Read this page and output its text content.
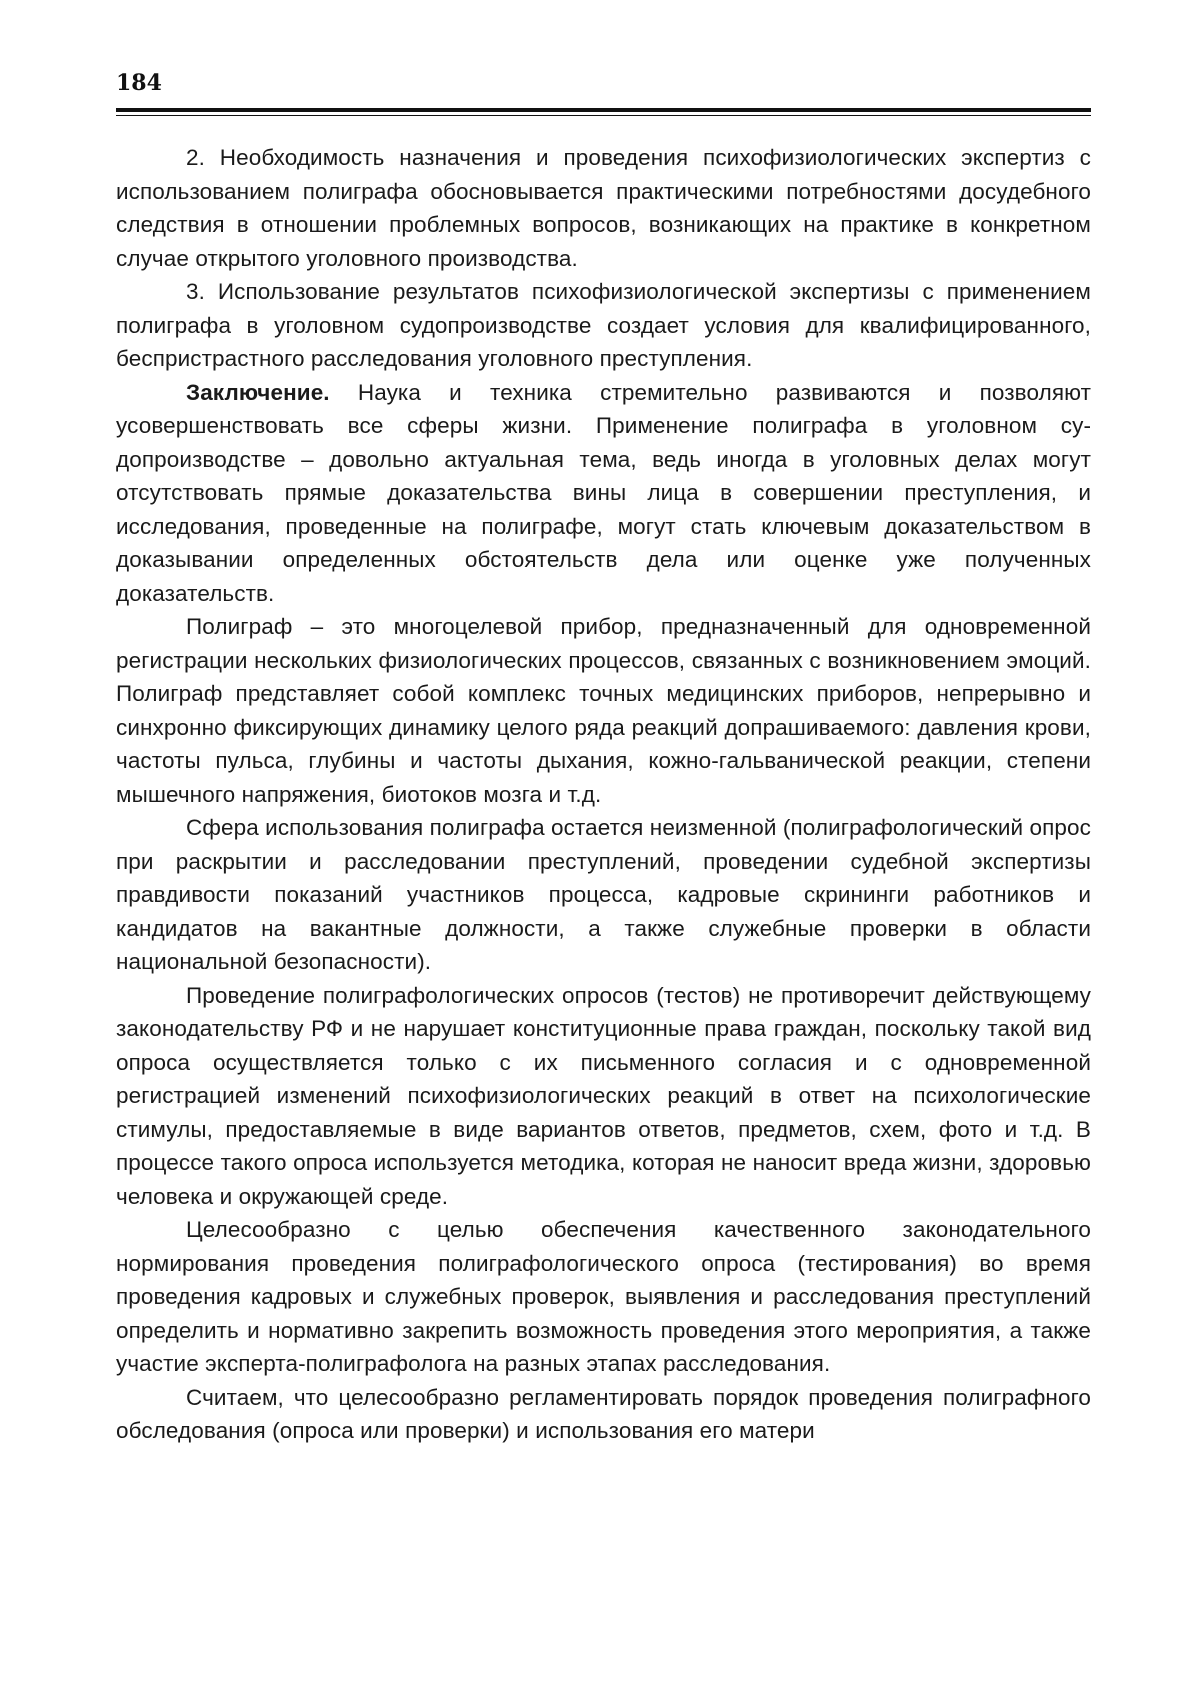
184

2. Необходимость назначения и проведения психофизиологических экспертиз с использованием полиграфа обосновывается практическими потребностями досудебного следствия в отношении проблемных вопросов, возникающих на практике в конкретном случае открытого уголовного производства.

3. Использование результатов психофизиологической экспертизы с применением полиграфа в уголовном судопроизводстве создает условия для квалифицированного, беспристрастного расследования уголовного преступления.

Заключение. Наука и техника стремительно развиваются и позволяют усовершенствовать все сферы жизни. Применение полиграфа в уголовном судопроизводстве – довольно актуальная тема, ведь иногда в уголовных делах могут отсутствовать прямые доказательства вины лица в совершении преступления, и исследования, проведенные на полиграфе, могут стать ключевым доказательством в доказывании определенных обстоятельств дела или оценке уже полученных доказательств.

Полиграф – это многоцелевой прибор, предназначенный для одновременной регистрации нескольких физиологических процессов, связанных с возникновением эмоций. Полиграф представляет собой комплекс точных медицинских приборов, непрерывно и синхронно фиксирующих динамику целого ряда реакций допрашиваемого: давления крови, частоты пульса, глубины и частоты дыхания, кожно-гальванической реакции, степени мышечного напряжения, биотоков мозга и т.д.

Сфера использования полиграфа остается неизменной (полиграфологический опрос при раскрытии и расследовании преступлений, проведении судебной экспертизы правдивости показаний участников процесса, кадровые скрининги работников и кандидатов на вакантные должности, а также служебные проверки в области национальной безопасности).

Проведение полиграфологических опросов (тестов) не противоречит действующему законодательству РФ и не нарушает конституционные права граждан, поскольку такой вид опроса осуществляется только с их письменного согласия и с одновременной регистрацией изменений психофизиологических реакций в ответ на психологические стимулы, предоставляемые в виде вариантов ответов, предметов, схем, фото и т.д. В процессе такого опроса используется методика, которая не наносит вреда жизни, здоровью человека и окружающей среде.

Целесообразно с целью обеспечения качественного законодательного нормирования проведения полиграфологического опроса (тестирования) во время проведения кадровых и служебных проверок, выявления и расследования преступлений определить и нормативно закрепить возможность проведения этого мероприятия, а также участие эксперта-полиграфолога на разных этапах расследования.

Считаем, что целесообразно регламентировать порядок проведения полиграфного обследования (опроса или проверки) и использования его матери
